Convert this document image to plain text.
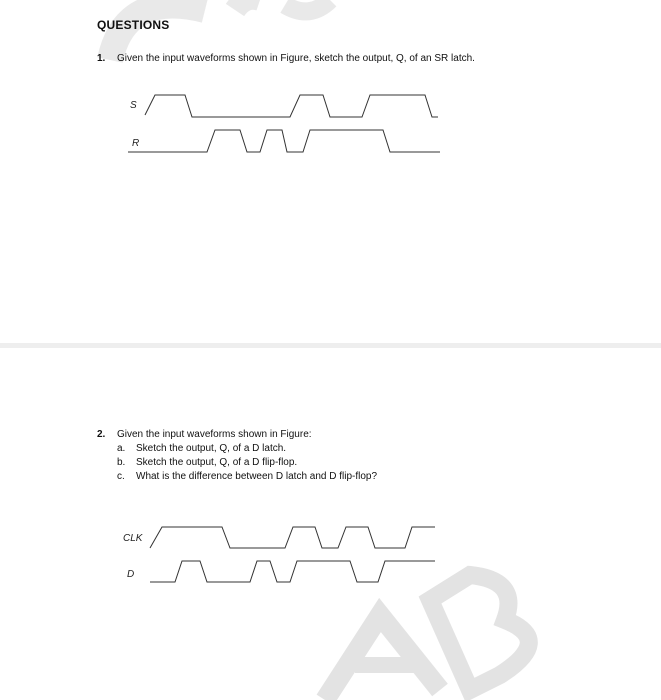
QUESTIONS
1. Given the input waveforms shown in Figure, sketch the output, Q, of an SR latch.
S
R
2. Given the input waveforms shown in Figure:
a. Sketch the output, Q, of a D latch.
b. Sketch the output, Q, of a D flip-flop.
c. What is the difference between D latch and D flip-flop?
CLK
D
